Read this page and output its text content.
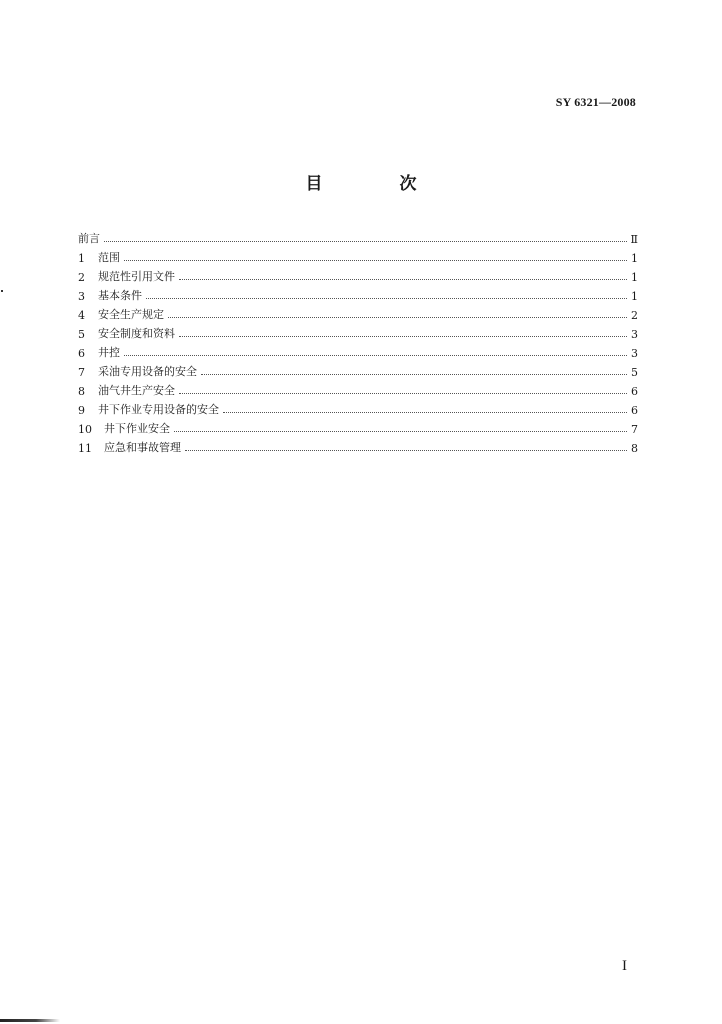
SY 6321—2008
目　次
前言	Ⅱ
1	范围	1
2	规范性引用文件	1
3	基本条件	1
4	安全生产规定	2
5	安全制度和资料	3
6	井控	3
7	采油专用设备的安全	5
8	油气井生产安全	6
9	井下作业专用设备的安全	6
10	井下作业安全	7
11	应急和事故管理	8
I
